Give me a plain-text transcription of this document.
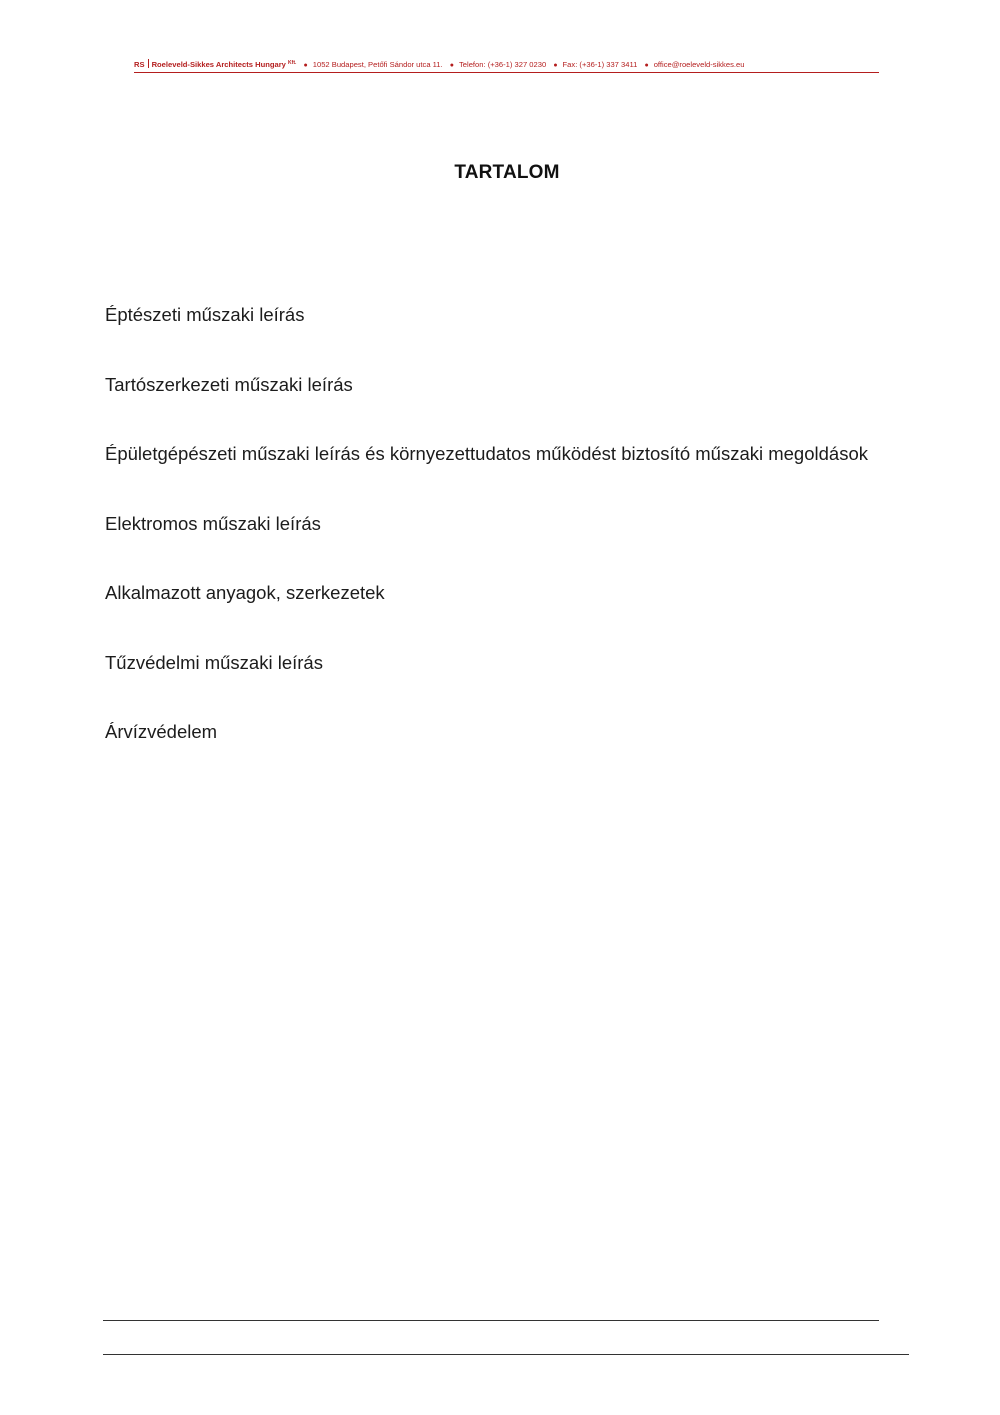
RS Roeleveld-Sikkes Architects Hungary $^{Kft.}$ ● 1052 Budapest, Petőfi Sándor utca 11. ● Telefon: (+36-1) 327 0230 ● Fax: (+36-1) 337 3411 ● office@roeleveld-sikkes.eu
TARTALOM
Éptészeti műszaki leírás
Tartószerkezeti műszaki leírás
Épületgépészeti műszaki leírás és környezettudatos működést biztosító műszaki megoldások
Elektromos műszaki leírás
Alkalmazott anyagok, szerkezetek
Tűzvédelmi műszaki leírás
Árvízvédelem
